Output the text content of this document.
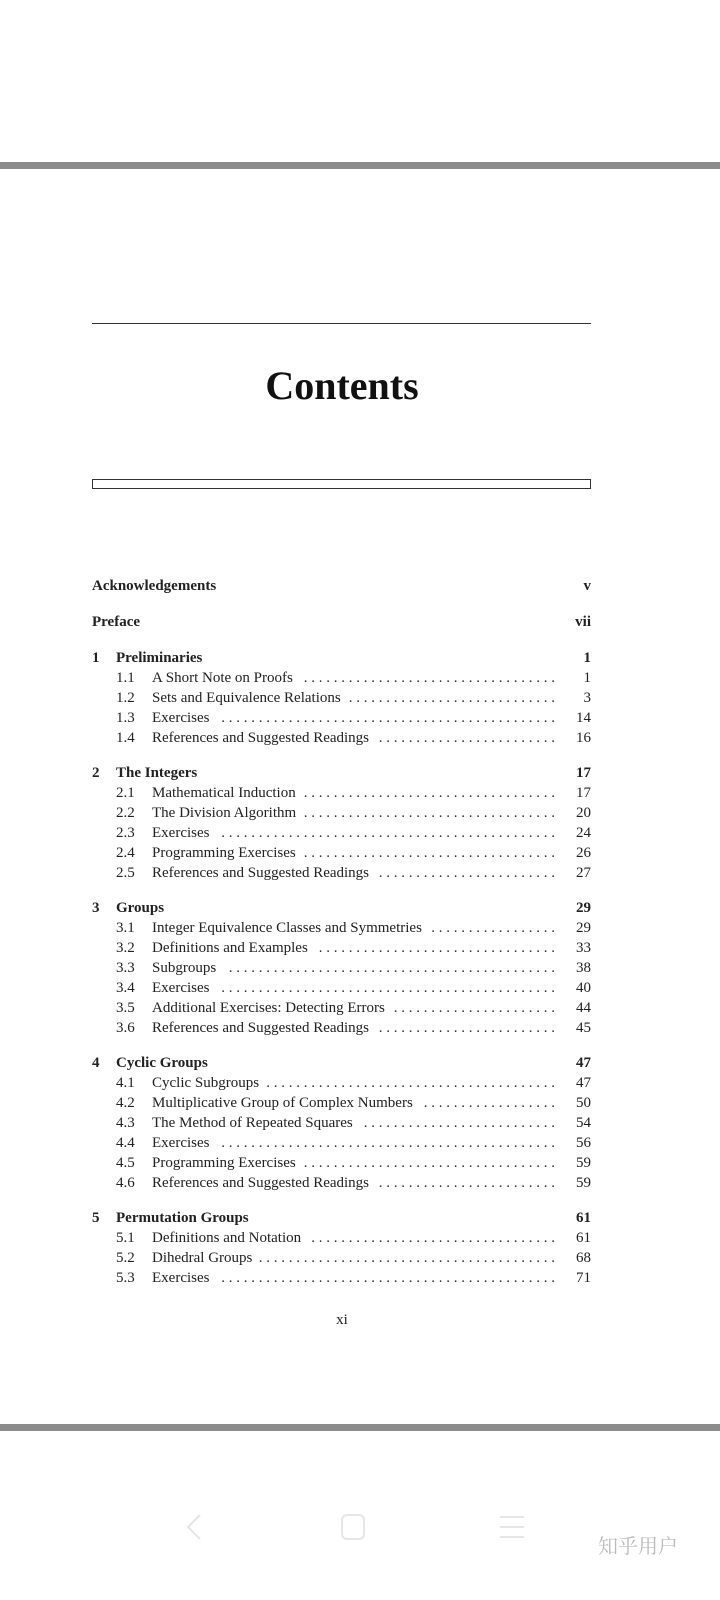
Contents
Acknowledgements	v
Preface	vii
1	Preliminaries	1
1.1	A Short Note on Proofs . . . . . . . . . . . . . . . . . . . . . . . . . . . . . . . . . .	1
1.2	Sets and Equivalence Relations . . . . . . . . . . . . . . . . . . . . . . . . . . . .	3
1.3	Exercises . . . . . . . . . . . . . . . . . . . . . . . . . . . . . . . . . . . . . . . . . . . . .	14
1.4	References and Suggested Readings . . . . . . . . . . . . . . . . . . . . . . . .	16
2	The Integers	17
2.1	Mathematical Induction . . . . . . . . . . . . . . . . . . . . . . . . . . . . . . . . . .	17
2.2	The Division Algorithm . . . . . . . . . . . . . . . . . . . . . . . . . . . . . . . . . .	20
2.3	Exercises . . . . . . . . . . . . . . . . . . . . . . . . . . . . . . . . . . . . . . . . . . . . .	24
2.4	Programming Exercises . . . . . . . . . . . . . . . . . . . . . . . . . . . . . . . . . .	26
2.5	References and Suggested Readings . . . . . . . . . . . . . . . . . . . . . . . .	27
3	Groups	29
3.1	Integer Equivalence Classes and Symmetries . . . . . . . . . . . . . . . . .	29
3.2	Definitions and Examples . . . . . . . . . . . . . . . . . . . . . . . . . . . . . . . .	33
3.3	Subgroups . . . . . . . . . . . . . . . . . . . . . . . . . . . . . . . . . . . . . . . . . . . .	38
3.4	Exercises . . . . . . . . . . . . . . . . . . . . . . . . . . . . . . . . . . . . . . . . . . . . .	40
3.5	Additional Exercises: Detecting Errors . . . . . . . . . . . . . . . . . . . . . .	44
3.6	References and Suggested Readings . . . . . . . . . . . . . . . . . . . . . . . .	45
4	Cyclic Groups	47
4.1	Cyclic Subgroups . . . . . . . . . . . . . . . . . . . . . . . . . . . . . . . . . . . . . . .	47
4.2	Multiplicative Group of Complex Numbers . . . . . . . . . . . . . . . . . .	50
4.3	The Method of Repeated Squares . . . . . . . . . . . . . . . . . . . . . . . . . .	54
4.4	Exercises . . . . . . . . . . . . . . . . . . . . . . . . . . . . . . . . . . . . . . . . . . . . .	56
4.5	Programming Exercises . . . . . . . . . . . . . . . . . . . . . . . . . . . . . . . . . .	59
4.6	References and Suggested Readings . . . . . . . . . . . . . . . . . . . . . . . .	59
5	Permutation Groups	61
5.1	Definitions and Notation . . . . . . . . . . . . . . . . . . . . . . . . . . . . . . . . .	61
5.2	Dihedral Groups . . . . . . . . . . . . . . . . . . . . . . . . . . . . . . . . . . . . . . . .	68
5.3	Exercises . . . . . . . . . . . . . . . . . . . . . . . . . . . . . . . . . . . . . . . . . . . . .	71
xi
知乎用户
